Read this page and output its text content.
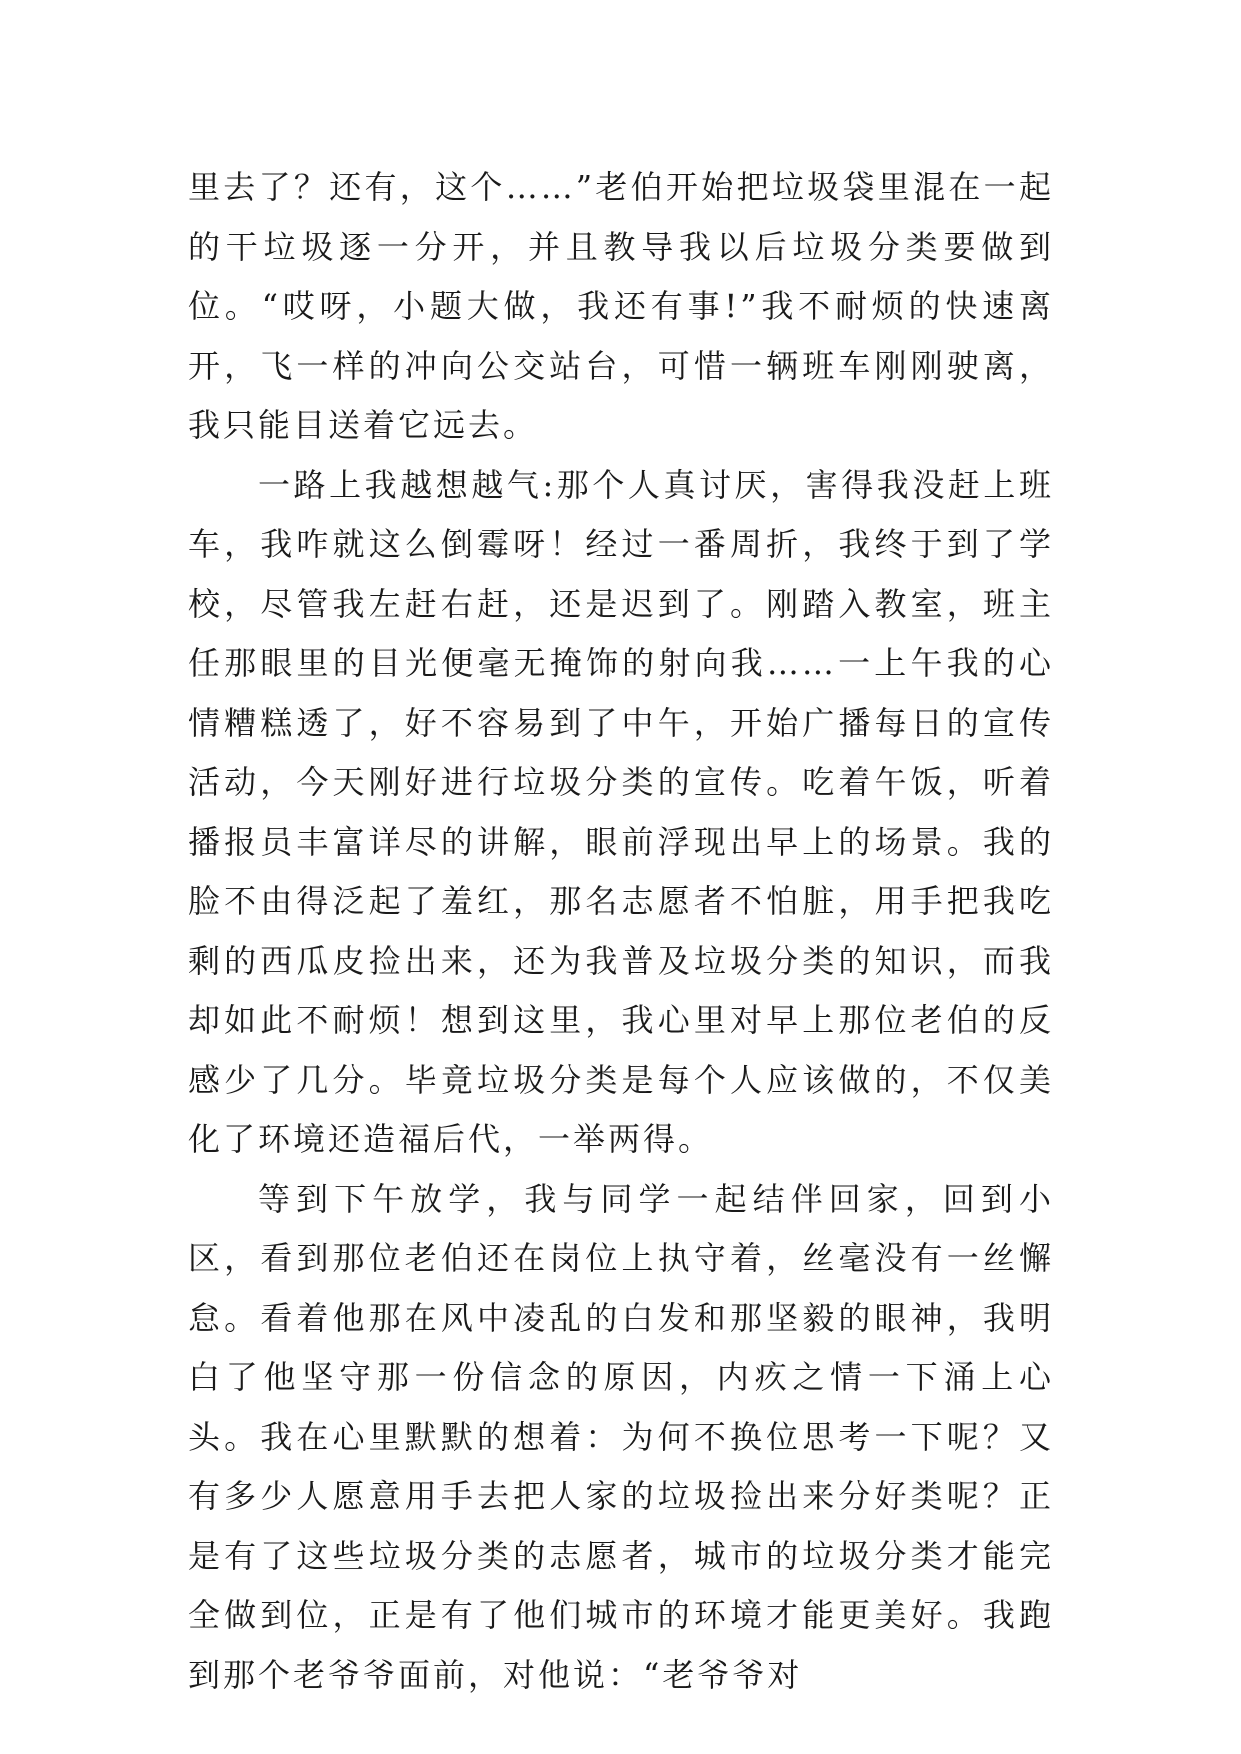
里去了？还有，这个……”老伯开始把垃圾袋里混在一起的干垃圾逐一分开，并且教导我以后垃圾分类要做到位。“哎呀，小题大做，我还有事!”我不耐烦的快速离开，飞一样的冲向公交站台，可惜一辆班车刚刚驶离，我只能目送着它远去。

一路上我越想越气:那个人真讨厌，害得我没赶上班车，我咋就这么倒霉呀！经过一番周折，我终于到了学校，尽管我左赶右赶，还是迟到了。刚踏入教室，班主任那眼里的目光便毫无掩饰的射向我……一上午我的心情糟糕透了，好不容易到了中午，开始广播每日的宣传活动，今天刚好进行垃圾分类的宣传。吃着午饭，听着播报员丰富详尽的讲解，眼前浮现出早上的场景。我的脸不由得泛起了羞红，那名志愿者不怕脏，用手把我吃剩的西瓜皮捡出来，还为我普及垃圾分类的知识，而我却如此不耐烦！想到这里，我心里对早上那位老伯的反感少了几分。毕竟垃圾分类是每个人应该做的，不仅美化了环境还造福后代，一举两得。

等到下午放学，我与同学一起结伴回家，回到小区，看到那位老伯还在岗位上执守着，丝毫没有一丝懈怠。看着他那在风中凌乱的白发和那坚毅的眼神，我明白了他坚守那一份信念的原因，内疚之情一下涌上心头。我在心里默默的想着：为何不换位思考一下呢？又有多少人愿意用手去把人家的垃圾捡出来分好类呢？正是有了这些垃圾分类的志愿者，城市的垃圾分类才能完全做到位，正是有了他们城市的环境才能更美好。我跑到那个老爷爷面前，对他说：“老爷爷对
